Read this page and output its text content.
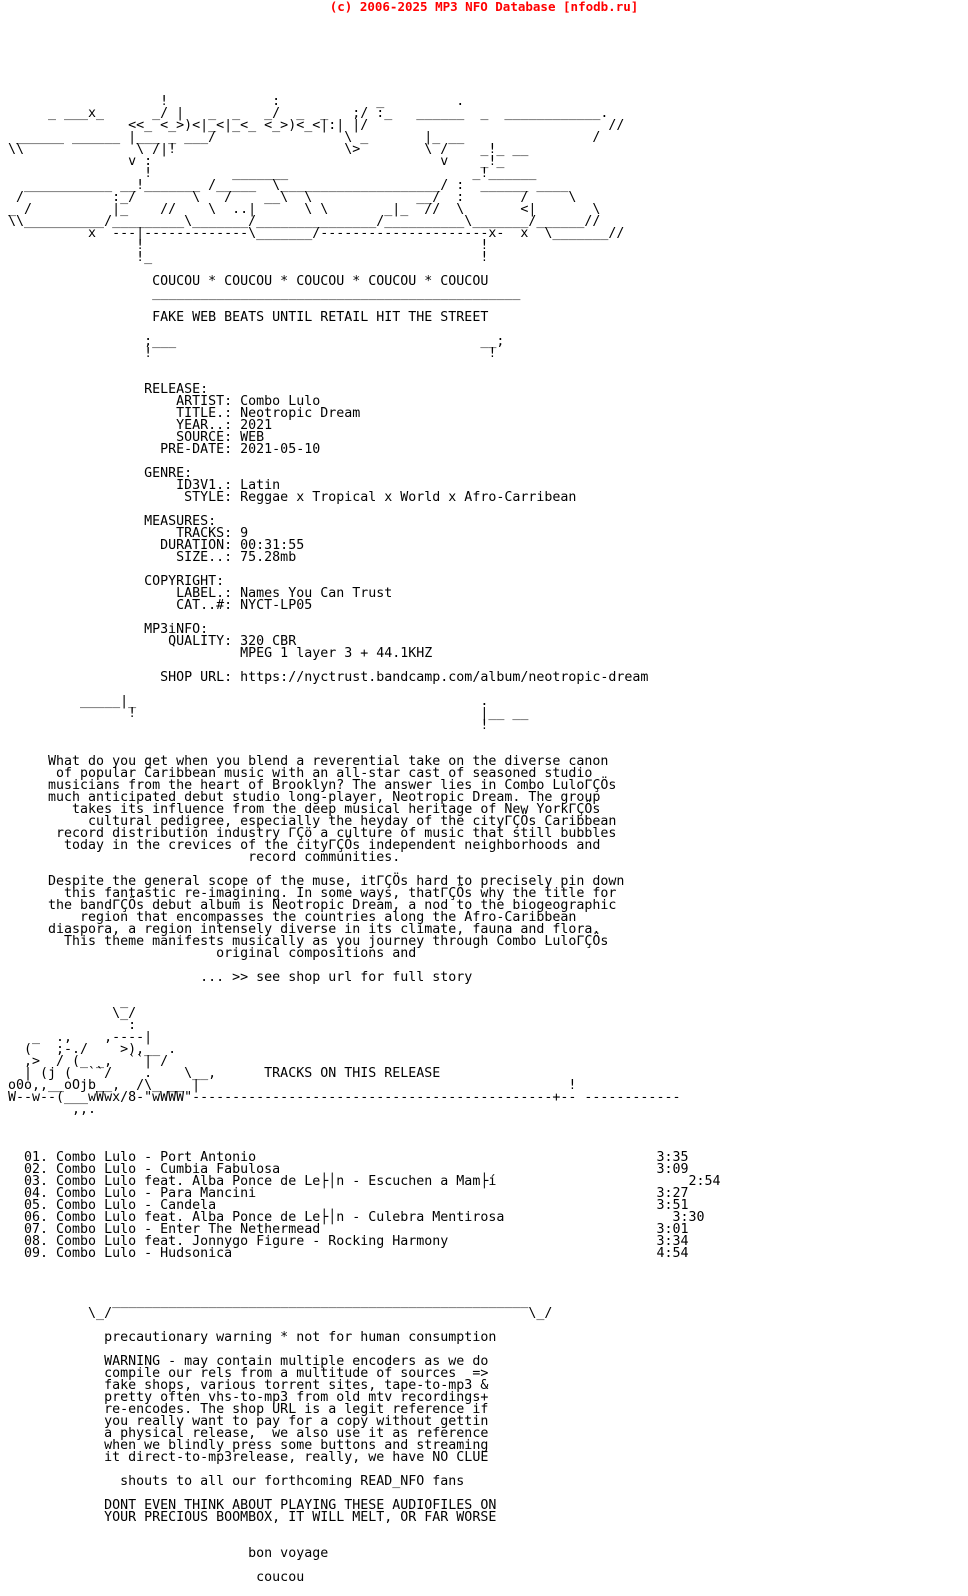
(c) 2006-2025 MP3 NFO Database [nfodb.ru]

!             :            _         .
_ ___x_      _/ |   _  _   _/  _  _   ;/ :_   ______  _  ____________.
<<_ <_>)<|_<|_<_ <_>)<_<|:| |/                              //
______ ______ |___ _ ___/                \ _       |_ __                /
\\              \ /|!                     \>        \ /    _!_ __
v :                                    v    _!_
!          _______                       _!______
___________ __!_______ /_____  \____________________/ :  ______ ____
/           :_/       \   /    __\  \             __/  :       /     \
_ /          |_    //    \  ..|      \ \       _|_  //  \       <|       \
\\__________/_________\_______/_______________/__________\_______/______//
x  ---|-------------\_______/---------------------x-  x  \_______//
!                                          !
!_                                         !

COUCOU * COUCOU * COUCOU * COUCOU * COUCOU
______________________________________________

FAKE WEB BEATS UNTIL RETAIL HIT THE STREET

;___                                      __;
!                                          !

RELEASE:
ARTIST: Combo Lulo
TITLE.: Neotropic Dream
YEAR..: 2021
SOURCE: WEB
PRE-DATE: 2021-05-10

GENRE:
ID3V1.: Latin
STYLE: Reggae x Tropical x World x Afro-Carribean

MEASURES:
TRACKS: 9
DURATION: 00:31:55
SIZE..: 75.28mb

COPYRIGHT:
LABEL.: Names You Can Trust
CAT..#: NYCT-LP05

MP3iNFO:
QUALITY: 320 CBR
MPEG 1 layer 3 + 44.1KHZ

SHOP URL: https://nyctrust.bandcamp.com/album/neotropic-dream

_____|_                                           .
!                                           |__ __
!

What do you get when you blend a reverential take on the diverse canon
of popular Caribbean music with an all-star cast of seasoned studio
musicians from the heart of Brooklyn? The answer lies in Combo LuloΓÇÖs
much anticipated debut studio long-player, Neotropic Dream. The group
takes its influence from the deep musical heritage of New YorkΓÇÖs
cultural pedigree, especially the heyday of the cityΓÇÖs Caribbean
record distribution industry ΓÇö a culture of music that still bubbles
today in the crevices of the cityΓÇÖs independent neighborhoods and
record communities.

Despite the general scope of the muse, itΓÇÖs hard to precisely pin down
this fantastic re-imagining. In some ways, thatΓÇÖs why the title for
the bandΓÇÖs debut album is Neotropic Dream, a nod to the biogeographic
region that encompasses the countries along the Afro-Caribbean
diaspora, a region intensely diverse in its climate, fauna and flora.
This theme manifests musically as you journey through Combo LuloΓÇÖs
original compositions and

... >> see shop url for full story

_
\_/
:
_  .,    ,----|
(   ;-./    >),__ .
,>  / (_ _,  ``| /
| (j (  ``/    .    \__,      TRACKS ON THIS RELEASE
o0o,,__oOjb__,  /\_ __ |                                              !
W--w--(___wWwx/8-"wWWW"---------------------------------------------+-- ------------
,,.

01. Combo Lulo - Port Antonio                                                  3:35
02. Combo Lulo - Cumbia Fabulosa                                               3:09
03. Combo Lulo feat. Alba Ponce de Le├│n - Escuchen a Mam├í                        2:54
04. Combo Lulo - Para Mancini                                                  3:27
05. Combo Lulo - Candela                                                       3:51
06. Combo Lulo feat. Alba Ponce de Le├│n - Culebra Mentirosa                     3:30
07. Combo Lulo - Enter The Nethermead                                          3:01
08. Combo Lulo feat. Jonnygo Figure - Rocking Harmony                          3:34
09. Combo Lulo - Hudsonica                                                     4:54

____________________________________________________
\_/                                                    \_/

precautionary warning * not for human consumption

WARNING - may contain multiple encoders as we do
compile our rels from a multitude of sources  =>
fake shops, various torrent sites, tape-to-mp3 &
pretty often vhs-to-mp3 from old mtv recordings+
re-encodes. The shop URL is a legit reference if
you really want to pay for a copy without gettin
a physical release,  we also use it as reference
when we blindly press some buttons and streaming
it direct-to-mp3release, really, we have NO CLUE

shouts to all our forthcoming READ_NFO fans

DONT EVEN THINK ABOUT PLAYING THESE AUDIOFILES ON
YOUR PRECIOUS BOOMBOX, IT WILL MELT, OR FAR WORSE

bon voyage

coucou
